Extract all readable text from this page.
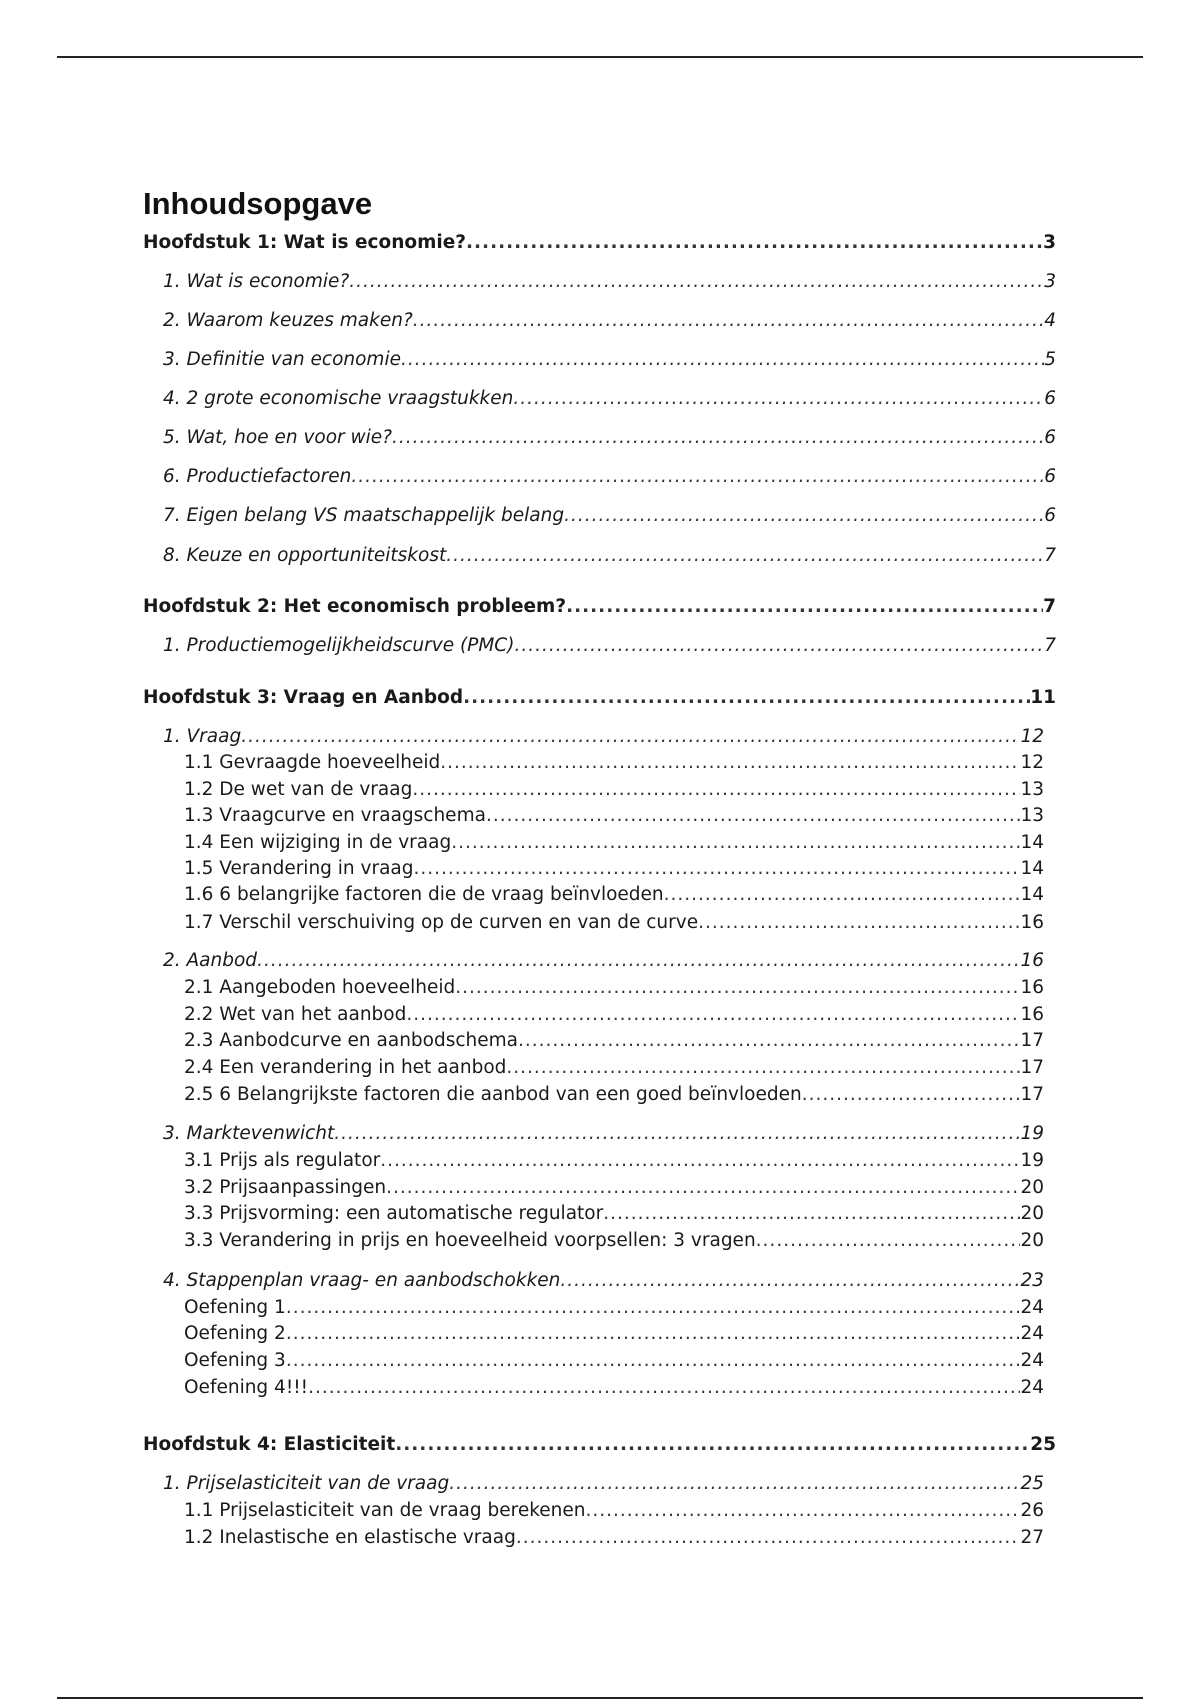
Inhoudsopgave
Hoofdstuk 1: Wat is economie? .....	3
1. Wat is economie? .....	3
2. Waarom keuzes maken? .....	4
3. Definitie van economie .....	5
4. 2 grote economische vraagstukken .....	6
5. Wat, hoe en voor wie? .....	6
6. Productiefactoren .....	6
7. Eigen belang VS maatschappelijk belang .....	6
8. Keuze en opportuniteitskost .....	7
Hoofdstuk 2: Het economisch probleem? .....	7
1. Productiemogelijkheidscurve (PMC) .....	7
Hoofdstuk 3: Vraag en Aanbod .....	11
1. Vraag .....	12
1.1 Gevraagde hoeveelheid .....	12
1.2 De wet van de vraag .....	13
1.3 Vraagcurve en vraagschema .....	13
1.4 Een wijziging in de vraag .....	14
1.5 Verandering in vraag .....	14
1.6 6 belangrijke factoren die de vraag beïnvloeden .....	14
1.7 Verschil verschuiving op de curven en van de curve .....	16
2. Aanbod .....	16
2.1 Aangeboden hoeveelheid .....	16
2.2 Wet van het aanbod .....	16
2.3 Aanbodcurve en aanbodschema .....	17
2.4 Een verandering in het aanbod .....	17
2.5 6 Belangrijkste factoren die aanbod van een goed beïnvloeden .....	17
3. Marktevenwicht .....	19
3.1 Prijs als regulator .....	19
3.2 Prijsaanpassingen .....	20
3.3 Prijsvorming: een automatische regulator .....	20
3.3 Verandering in prijs en hoeveelheid voorpsellen: 3 vragen .....	20
4. Stappenplan vraag- en aanbodschokken .....	23
Oefening 1 .....	24
Oefening 2 .....	24
Oefening 3 .....	24
Oefening 4!!! .....	24
Hoofdstuk 4: Elasticiteit .....	25
1. Prijselasticiteit van de vraag .....	25
1.1 Prijselasticiteit van de vraag berekenen .....	26
1.2 Inelastische en elastische vraag .....	27
